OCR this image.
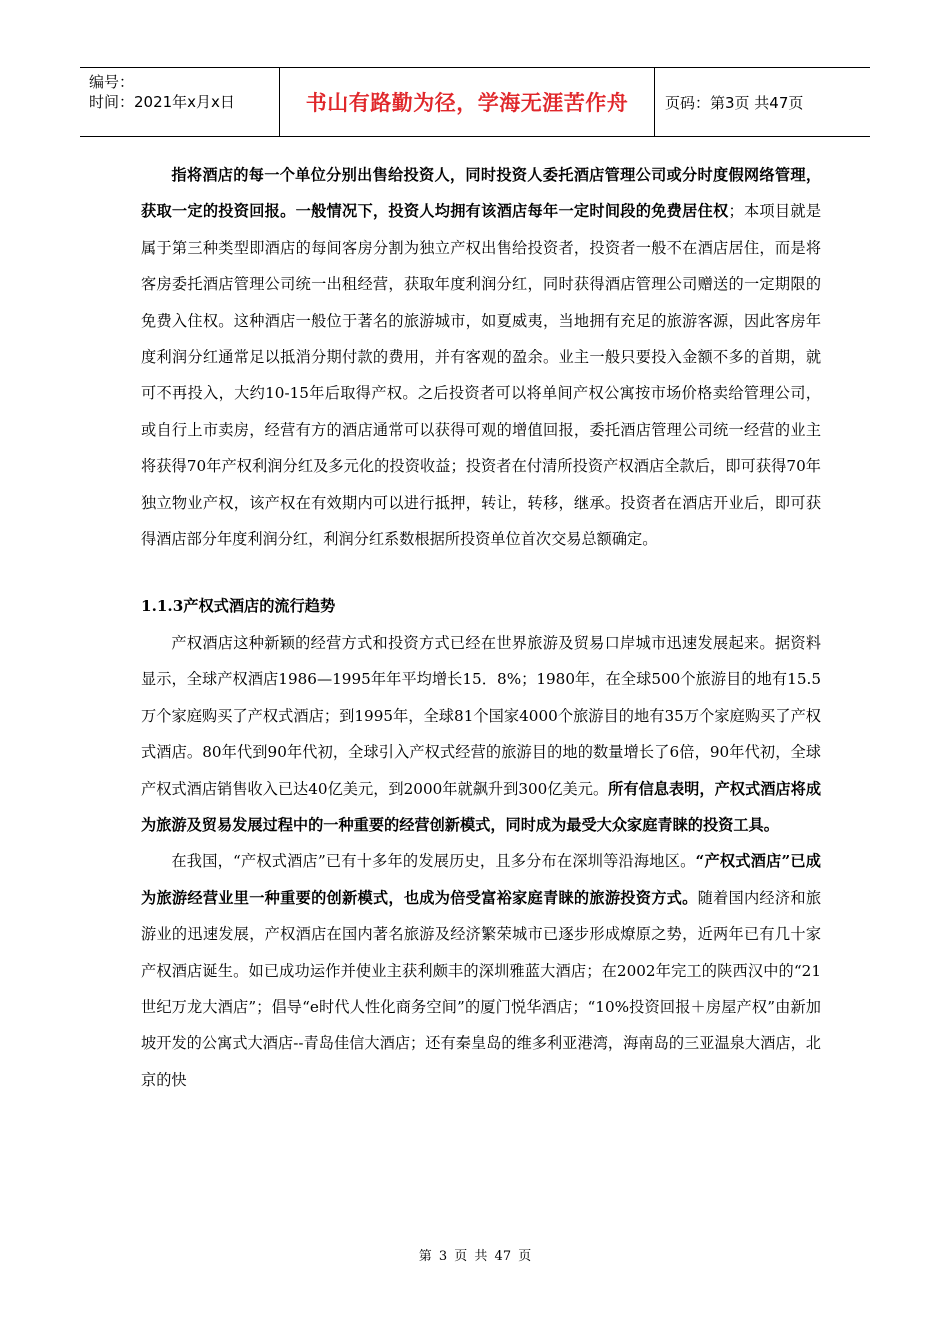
编号：
时间：2021年x月x日	书山有路勤为径，学海无涯苦作舟	页码：第3页 共47页

指将酒店的每一个单位分别出售给投资人，同时投资人委托酒店管理公司或分时度假网络管理，获取一定的投资回报。一般情况下，投资人均拥有该酒店每年一定时间段的免费居住权；本项目就是属于第三种类型即酒店的每间客房分割为独立产权出售给投资者，投资者一般不在酒店居住，而是将客房委托酒店管理公司统一出租经营，获取年度利润分红，同时获得酒店管理公司赠送的一定期限的免费入住权。这种酒店一般位于著名的旅游城市，如夏威夷，当地拥有充足的旅游客源，因此客房年度利润分红通常足以抵消分期付款的费用，并有客观的盈余。业主一般只要投入金额不多的首期，就可不再投入，大约10-15年后取得产权。之后投资者可以将单间产权公寓按市场价格卖给管理公司，或自行上市卖房，经营有方的酒店通常可以获得可观的增值回报，委托酒店管理公司统一经营的业主将获得70年产权利润分红及多元化的投资收益；投资者在付清所投资产权酒店全款后，即可获得70年独立物业产权，该产权在有效期内可以进行抵押，转让，转移，继承。投资者在酒店开业后，即可获得酒店部分年度利润分红，利润分红系数根据所投资单位首次交易总额确定。

1.1.3产权式酒店的流行趋势

产权酒店这种新颖的经营方式和投资方式已经在世界旅游及贸易口岸城市迅速发展起来。据资料显示，全球产权酒店1986—1995年年平均增长15．8%；1980年，在全球500个旅游目的地有15.5万个家庭购买了产权式酒店；到1995年，全球81个国家4000个旅游目的地有35万个家庭购买了产权式酒店。80年代到90年代初，全球引入产权式经营的旅游目的地的数量增长了6倍，90年代初，全球产权式酒店销售收入已达40亿美元，到2000年就飙升到300亿美元。所有信息表明，产权式酒店将成为旅游及贸易发展过程中的一种重要的经营创新模式，同时成为最受大众家庭青睐的投资工具。

在我国，“产权式酒店”已有十多年的发展历史，且多分布在深圳等沿海地区。“产权式酒店”已成为旅游经营业里一种重要的创新模式，也成为倍受富裕家庭青睐的旅游投资方式。随着国内经济和旅游业的迅速发展，产权酒店在国内著名旅游及经济繁荣城市已逐步形成燎原之势，近两年已有几十家产权酒店诞生。如已成功运作并使业主获利颇丰的深圳雅蓝大酒店；在2002年完工的陕西汉中的“21世纪万龙大酒店”；倡导“e时代人性化商务空间”的厦门悦华酒店；“10%投资回报＋房屋产权”由新加坡开发的公寓式大酒店--青岛佳信大酒店；还有秦皇岛的维多利亚港湾，海南岛的三亚温泉大酒店，北京的快

第 3 页 共 47 页
